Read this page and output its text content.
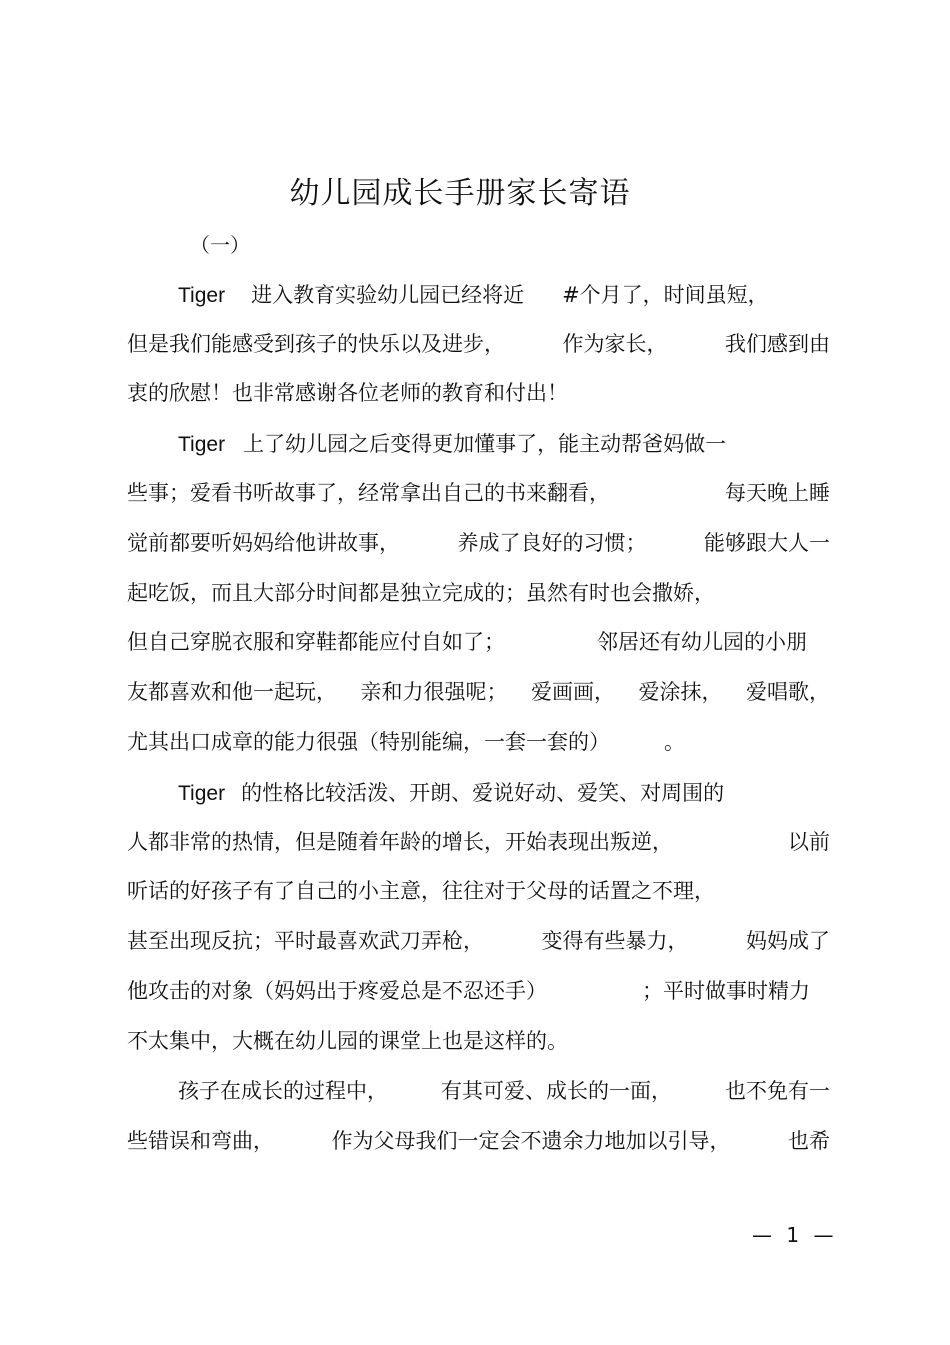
幼儿园成长手册家长寄语
（一）
Tiger 进入教育实验幼儿园已经将近 #个月了，时间虽短，
但是我们能感受到孩子的快乐以及进步，	作为家长，	我们感到由
衷的欣慰！也非常感谢各位老师的教育和付出！
Tiger 上了幼儿园之后变得更加懂事了，能主动帮爸妈做一
些事；爱看书听故事了，经常拿出自己的书来翻看，	每天晚上睡
觉前都要听妈妈给他讲故事，	养成了良好的习惯；	能够跟大人一
起吃饭，而且大部分时间都是独立完成的；虽然有时也会撒娇，
但自己穿脱衣服和穿鞋都能应付自如了；	邻居还有幼儿园的小朋
友都喜欢和他一起玩， 亲和力很强呢； 爱画画， 爱涂抹， 爱唱歌，
尤其出口成章的能力很强（特别能编，一套一套的）	。
Tiger 的性格比较活泼、开朗、爱说好动、爱笑、对周围的
人都非常的热情，但是随着年龄的增长，开始表现出叛逆，	以前
听话的好孩子有了自己的小主意，往往对于父母的话置之不理，
甚至出现反抗；平时最喜欢武刀弄枪，	变得有些暴力，	妈妈成了
他攻击的对象（妈妈出于疼爱总是不忍还手）	；平时做事时精力
不太集中，大概在幼儿园的课堂上也是这样的。
孩子在成长的过程中，	有其可爱、成长的一面，	也不免有一
些错误和弯曲，	作为父母我们一定会不遗余力地加以引导，	也希
— 1 —
